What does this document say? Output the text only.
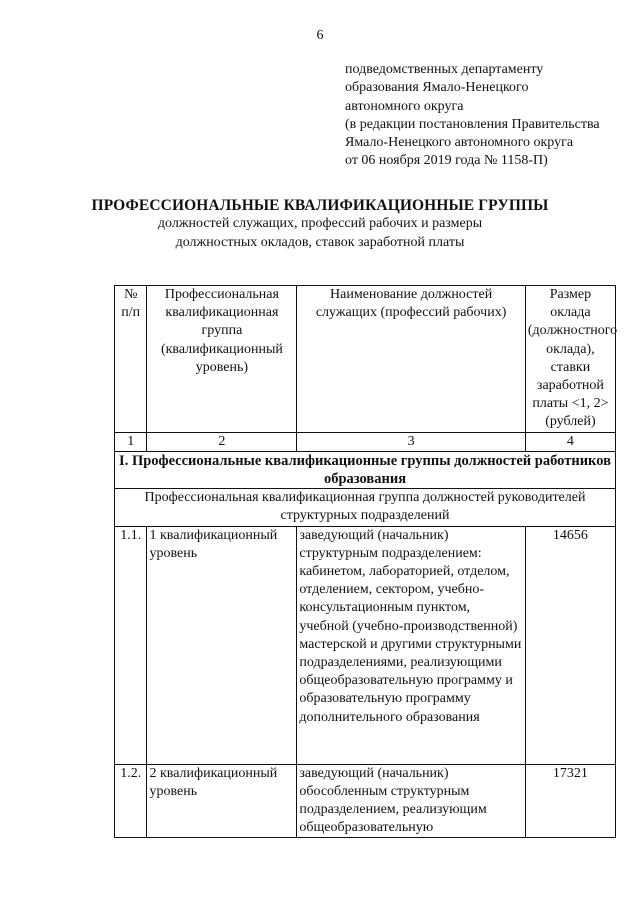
6
подведомственных департаменту
образования Ямало-Ненецкого
автономного округа
(в редакции постановления Правительства
Ямало-Ненецкого автономного округа
от 06 ноября 2019 года № 1158-П)
ПРОФЕССИОНАЛЬНЫЕ КВАЛИФИКАЦИОННЫЕ ГРУППЫ
должностей служащих, профессий рабочих и размеры
должностных окладов, ставок заработной платы
№ п/п	Профессиональная квалификационная группа (квалификационный уровень)	Наименование должностей служащих (профессий рабочих)	Размер оклада (должностного оклада), ставки заработной платы <1, 2> (рублей)
1	2	3	4
I. Профессиональные квалификационные группы должностей работников образования			
Профессиональная квалификационная группа должностей руководителей структурных подразделений			
1.1.	1 квалификационный уровень	заведующий (начальник) структурным подразделением: кабинетом, лабораторией, отделом, отделением, сектором, учебно-консультационным пунктом, учебной (учебно-производственной) мастерской и другими структурными подразделениями, реализующими общеобразовательную программу и образовательную программу дополнительного образования	14656
1.2.	2 квалификационный уровень	заведующий (начальник) обособленным структурным подразделением, реализующим общеобразовательную	17321
